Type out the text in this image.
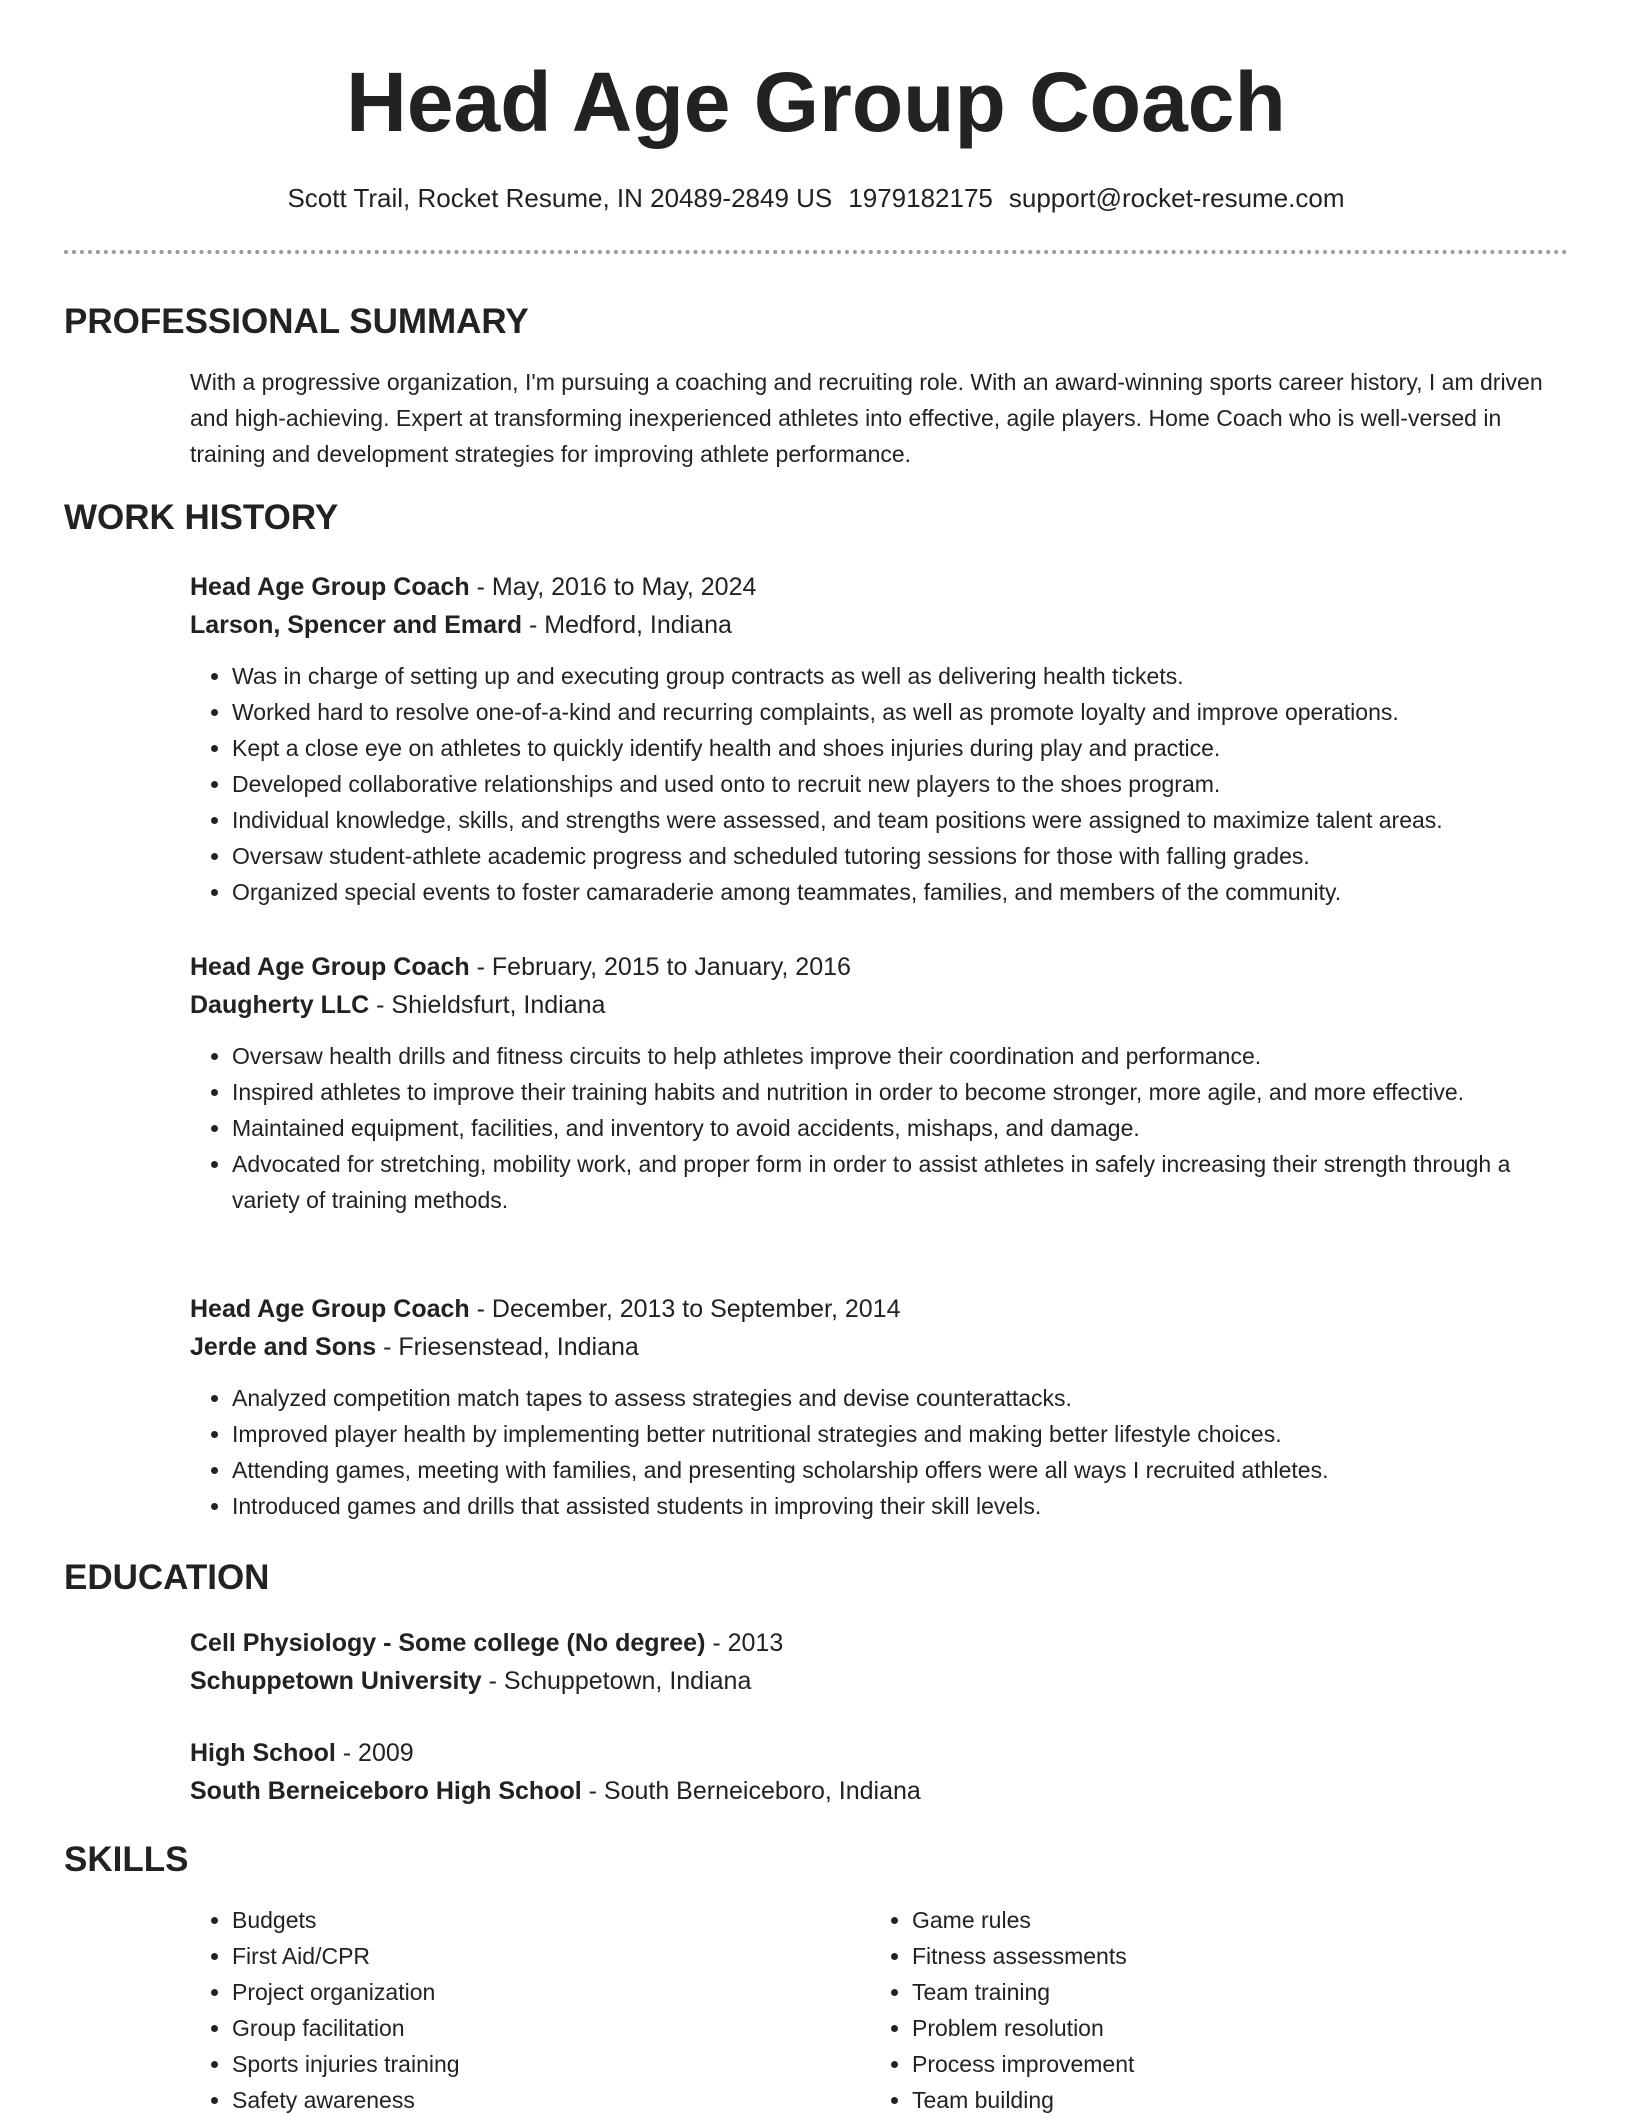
Head Age Group Coach
Scott Trail, Rocket Resume, IN 20489-2849 US 1979182175 support@rocket-resume.com
PROFESSIONAL SUMMARY
With a progressive organization, I'm pursuing a coaching and recruiting role. With an award-winning sports career history, I am driven and high-achieving. Expert at transforming inexperienced athletes into effective, agile players. Home Coach who is well-versed in training and development strategies for improving athlete performance.
WORK HISTORY
Head Age Group Coach - May, 2016 to May, 2024
Larson, Spencer and Emard - Medford, Indiana
• Was in charge of setting up and executing group contracts as well as delivering health tickets.
• Worked hard to resolve one-of-a-kind and recurring complaints, as well as promote loyalty and improve operations.
• Kept a close eye on athletes to quickly identify health and shoes injuries during play and practice.
• Developed collaborative relationships and used onto to recruit new players to the shoes program.
• Individual knowledge, skills, and strengths were assessed, and team positions were assigned to maximize talent areas.
• Oversaw student-athlete academic progress and scheduled tutoring sessions for those with falling grades.
• Organized special events to foster camaraderie among teammates, families, and members of the community.
Head Age Group Coach - February, 2015 to January, 2016
Daugherty LLC - Shieldsfurt, Indiana
• Oversaw health drills and fitness circuits to help athletes improve their coordination and performance.
• Inspired athletes to improve their training habits and nutrition in order to become stronger, more agile, and more effective.
• Maintained equipment, facilities, and inventory to avoid accidents, mishaps, and damage.
• Advocated for stretching, mobility work, and proper form in order to assist athletes in safely increasing their strength through a variety of training methods.
Head Age Group Coach - December, 2013 to September, 2014
Jerde and Sons - Friesenstead, Indiana
• Analyzed competition match tapes to assess strategies and devise counterattacks.
• Improved player health by implementing better nutritional strategies and making better lifestyle choices.
• Attending games, meeting with families, and presenting scholarship offers were all ways I recruited athletes.
• Introduced games and drills that assisted students in improving their skill levels.
EDUCATION
Cell Physiology - Some college (No degree) - 2013
Schuppetown University - Schuppetown, Indiana
High School - 2009
South Berneiceboro High School - South Berneiceboro, Indiana
SKILLS
• Budgets
• First Aid/CPR
• Project organization
• Group facilitation
• Sports injuries training
• Safety awareness
• Game rules
• Fitness assessments
• Team training
• Problem resolution
• Process improvement
• Team building
